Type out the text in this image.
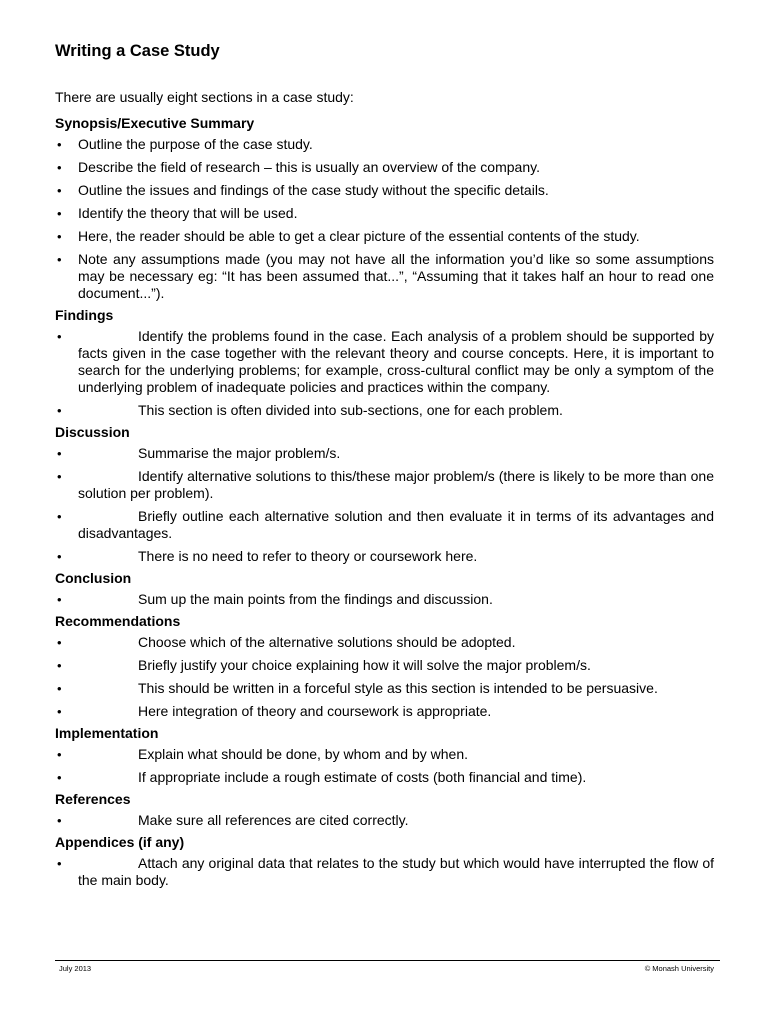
Writing a Case Study

There are usually eight sections in a case study:

Synopsis/Executive Summary
• Outline the purpose of the case study.
• Describe the field of research – this is usually an overview of the company.
• Outline the issues and findings of the case study without the specific details.
• Identify the theory that will be used.
• Here, the reader should be able to get a clear picture of the essential contents of the study.
• Note any assumptions made (you may not have all the information you’d like so some assumptions may be necessary eg: “It has been assumed that...”, “Assuming that it takes half an hour to read one document...”).
Findings
•	Identify the problems found in the case. Each analysis of a problem should be supported by facts given in the case together with the relevant theory and course concepts. Here, it is important to search for the underlying problems; for example, cross-cultural conflict may be only a symptom of the underlying problem of inadequate policies and practices within the company.
•	This section is often divided into sub-sections, one for each problem.
Discussion
•	Summarise the major problem/s.
•	Identify alternative solutions to this/these major problem/s (there is likely to be more than one solution per problem).
•	Briefly outline each alternative solution and then evaluate it in terms of its advantages and disadvantages.
•	There is no need to refer to theory or coursework here.
Conclusion
•	Sum up the main points from the findings and discussion.
Recommendations
•	Choose which of the alternative solutions should be adopted.
•	Briefly justify your choice explaining how it will solve the major problem/s.
•	This should be written in a forceful style as this section is intended to be persuasive.
•	Here integration of theory and coursework is appropriate.
Implementation
•	Explain what should be done, by whom and by when.
•	If appropriate include a rough estimate of costs (both financial and time).
References
•	Make sure all references are cited correctly.
Appendices (if any)
•	Attach any original data that relates to the study but which would have interrupted the flow of the main body.
July 2013	© Monash University
